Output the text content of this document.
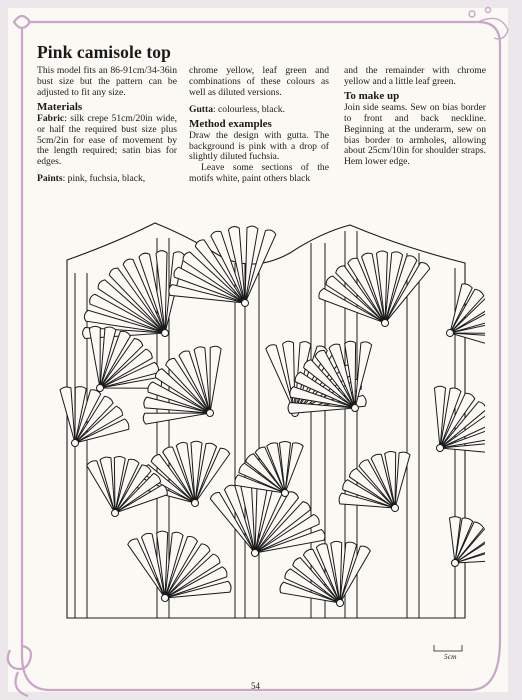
Pink camisole top

This model fits an 86-91cm/34-36in bust size but the pattern can be adjusted to fit any size.

Materials

Fabric: silk crepe 51cm/20in wide, or half the required bust size plus 5cm/2in for ease of movement by the length required; satin bias for edges.

Paints: pink, fuchsia, black,

chrome yellow, leaf green and combinations of these colours as well as diluted versions.

Gutta: colourless, black.

Method examples

Draw the design with gutta. The background is pink with a drop of slightly diluted fuchsia.

Leave some sections of the motifs white, paint others black

and the remainder with chrome yellow and a little leaf green.

To make up

Join side seams. Sew on bias border to front and back neckline. Beginning at the underarm, sew on bias border to armholes, allowing about 25cm/10in for shoulder straps. Hem lower edge.

5cm
54
